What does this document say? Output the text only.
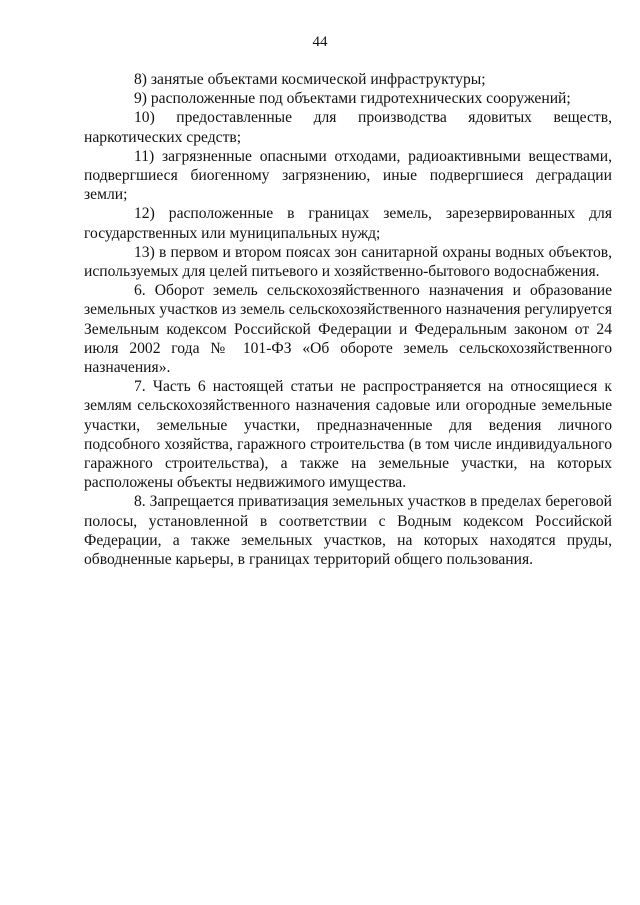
44

8) занятые объектами космической инфраструктуры;

9) расположенные под объектами гидротехнических сооружений;

10) предоставленные для производства ядовитых веществ, наркотических средств;

11) загрязненные опасными отходами, радиоактивными веществами, подвергшиеся биогенному загрязнению, иные подвергшиеся деградации земли;

12) расположенные в границах земель, зарезервированных для государственных или муниципальных нужд;

13) в первом и втором поясах зон санитарной охраны водных объектов, используемых для целей питьевого и хозяйственно-бытового водоснабжения.

6. Оборот земель сельскохозяйственного назначения и образование земельных участков из земель сельскохозяйственного назначения регулируется Земельным кодексом Российской Федерации и Федеральным законом от 24 июля 2002 года № 101-ФЗ «Об обороте земель сельскохозяйственного назначения».

7. Часть 6 настоящей статьи не распространяется на относящиеся к землям сельскохозяйственного назначения садовые или огородные земельные участки, земельные участки, предназначенные для ведения личного подсобного хозяйства, гаражного строительства (в том числе индивидуального гаражного строительства), а также на земельные участки, на которых расположены объекты недвижимого имущества.

8. Запрещается приватизация земельных участков в пределах береговой полосы, установленной в соответствии с Водным кодексом Российской Федерации, а также земельных участков, на которых находятся пруды, обводненные карьеры, в границах территорий общего пользования.
